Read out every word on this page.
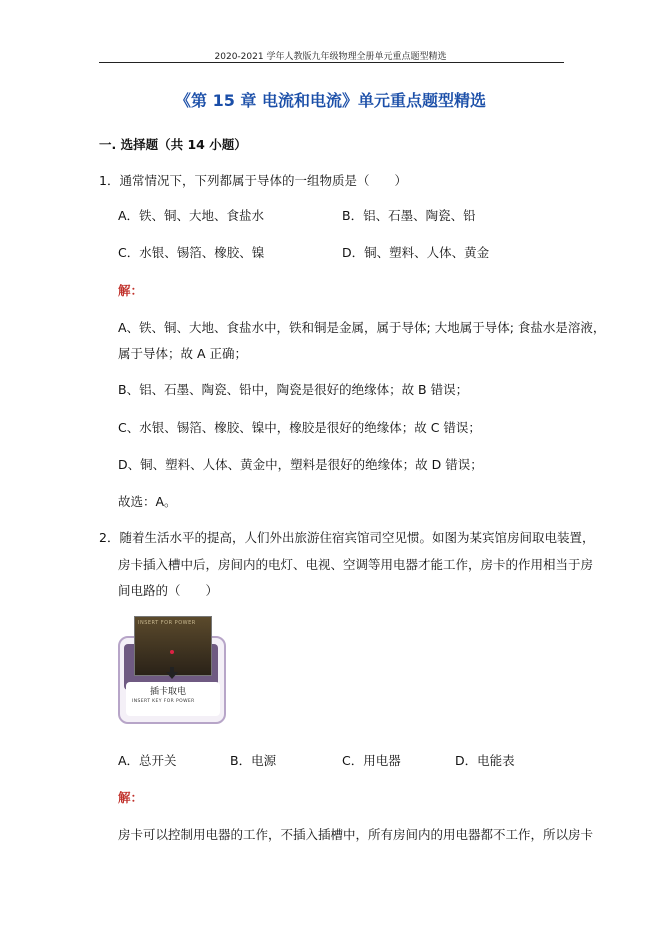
2020-2021 学年人教版九年级物理全册单元重点题型精选
《第 15 章 电流和电流》单元重点题型精选
一. 选择题（共 14 小题）
1．通常情况下，下列都属于导体的一组物质是（　　）
A．铁、铜、大地、食盐水	B．铝、石墨、陶瓷、铅
C．水银、锡箔、橡胶、镍	D．铜、塑料、人体、黄金
解：
A、铁、铜、大地、食盐水中，铁和铜是金属，属于导体; 大地属于导体; 食盐水是溶液，
属于导体；故 A 正确；
B、铝、石墨、陶瓷、铅中，陶瓷是很好的绝缘体；故 B 错误；
C、水银、锡箔、橡胶、镍中，橡胶是很好的绝缘体；故 C 错误；
D、铜、塑料、人体、黄金中，塑料是很好的绝缘体；故 D 错误；
故选：A。
2．随着生活水平的提高，人们外出旅游住宿宾馆司空见惯。如图为某宾馆房间取电装置，
房卡插入槽中后，房间内的电灯、电视、空调等用电器才能工作，房卡的作用相当于房
间电路的（　　）
INSERT FOR POWER
插卡取电
INSERT KEY FOR POWER
A．总开关	B．电源	C．用电器	D．电能表
解：
房卡可以控制用电器的工作，不插入插槽中，所有房间内的用电器都不工作，所以房卡
